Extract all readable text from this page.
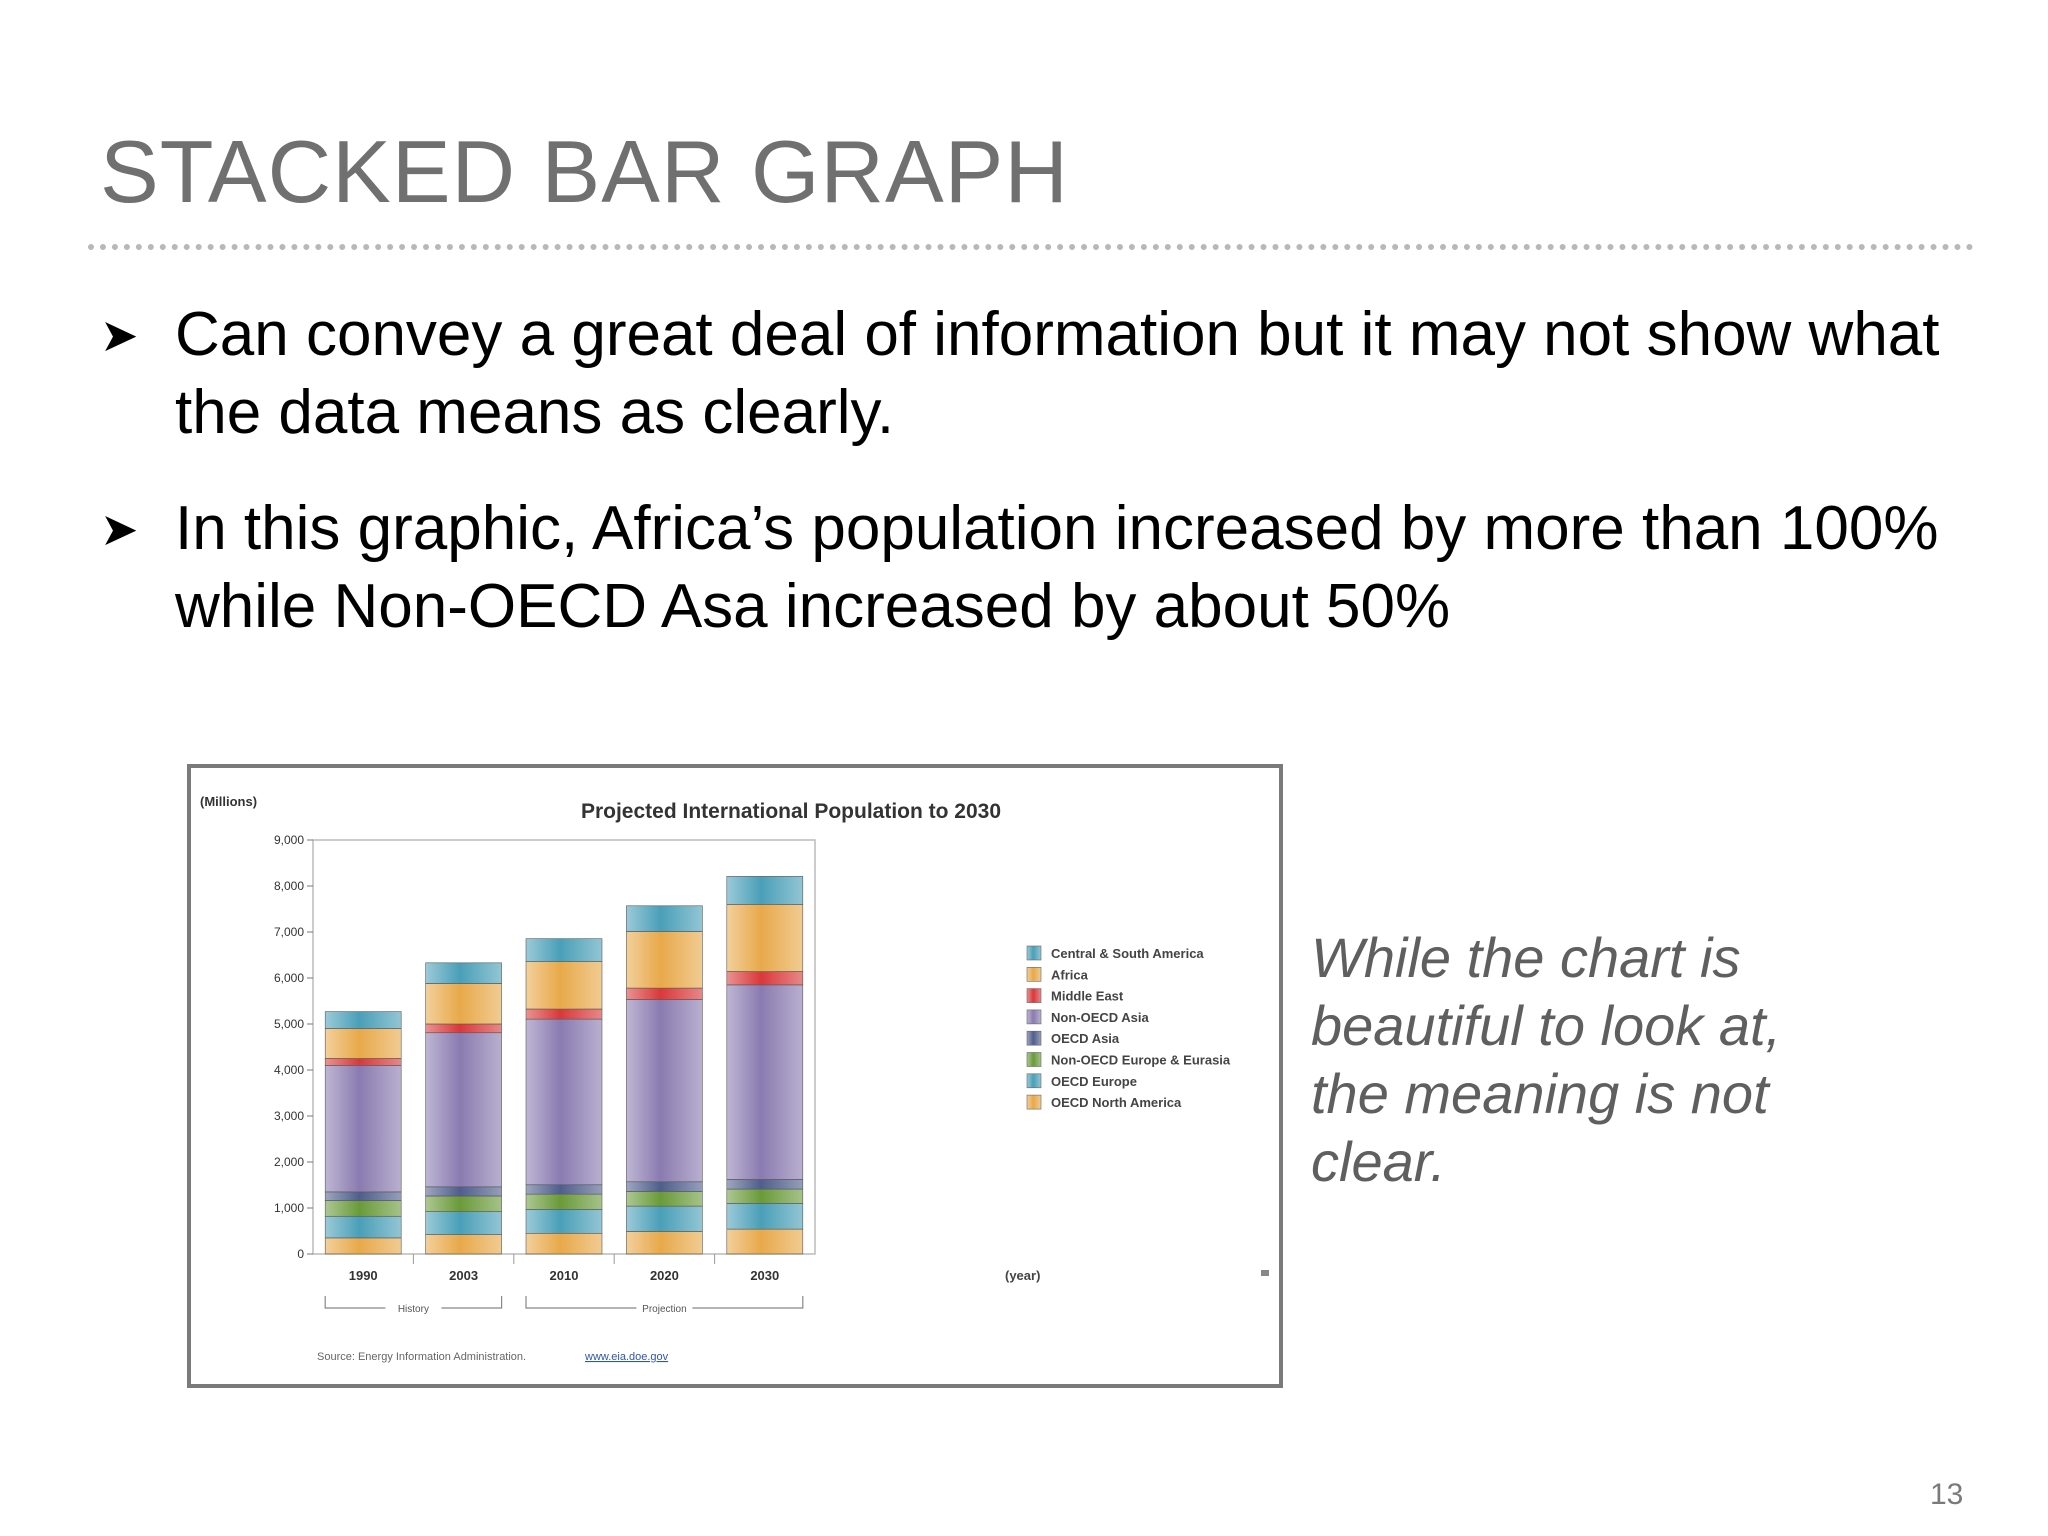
STACKED BAR GRAPH
➤ Can convey a great deal of information but it may not show what the data means as clearly.
➤ In this graphic, Africa’s population increased by more than 100% while Non-OECD Asa increased by about 50%
(Millions)	Projected International Population to 2030
(year)
Source: Energy Information Administration.	www.eia.doe.gov
0
1,000
2,000
3,000
4,000
5,000
6,000
7,000
8,000
9,000
1990	2003	2010	2020	2030
History	Projection
Central & South America
Africa
Middle East
Non-OECD Asia
OECD Asia
Non-OECD Europe & Eurasia
OECD Europe
OECD North America
While the chart is beautiful to look at, the meaning is not clear.
13
